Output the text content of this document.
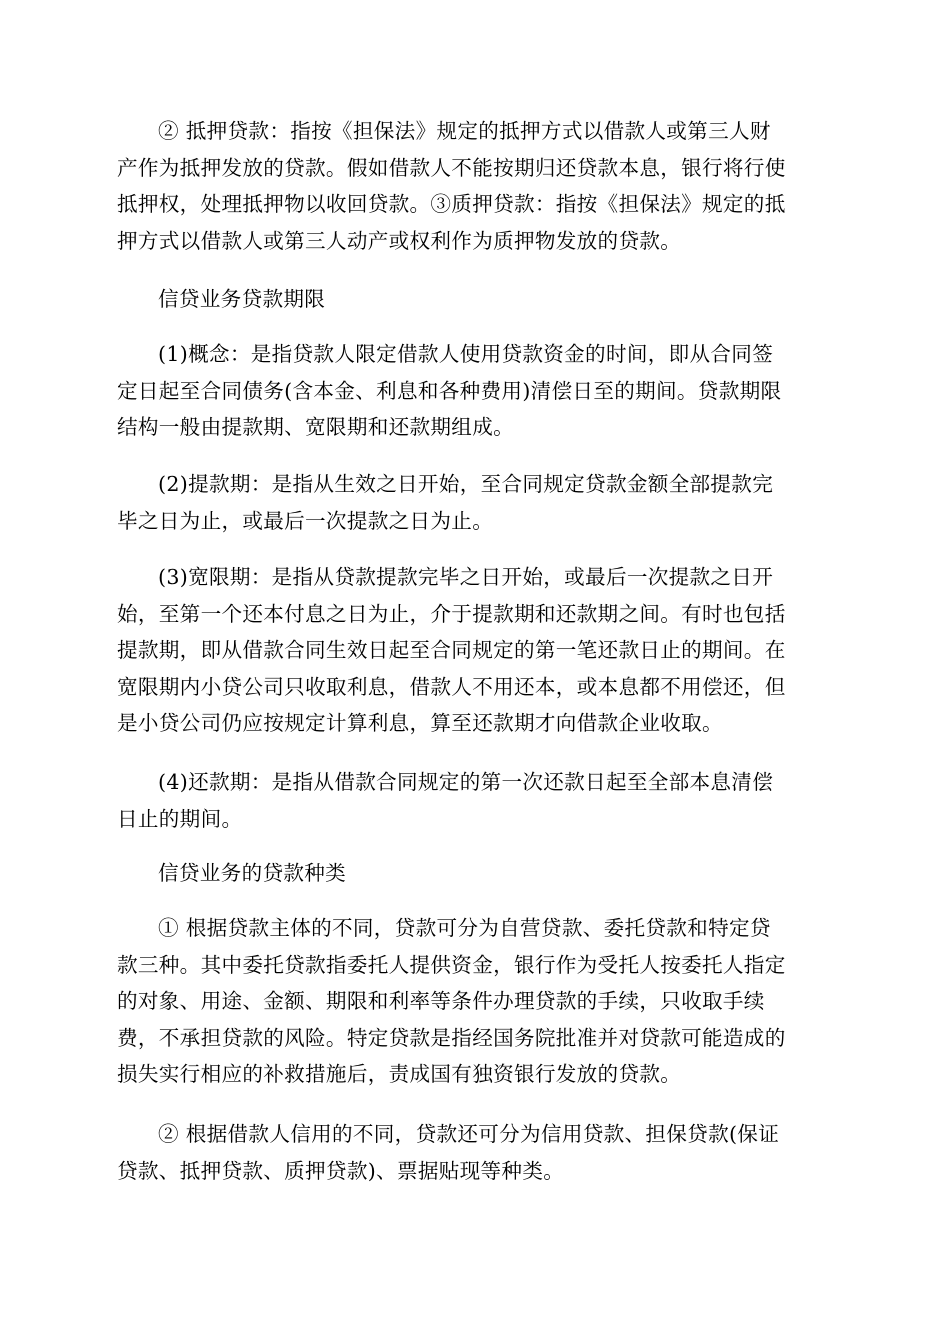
② 抵押贷款：指按《担保法》规定的抵押方式以借款人或第三人财
产作为抵押发放的贷款。假如借款人不能按期归还贷款本息，银行将行使
抵押权，处理抵押物以收回贷款。③质押贷款：指按《担保法》规定的抵
押方式以借款人或第三人动产或权利作为质押物发放的贷款。
信贷业务贷款期限
(1)概念：是指贷款人限定借款人使用贷款资金的时间，即从合同签
定日起至合同债务(含本金、利息和各种费用)清偿日至的期间。贷款期限
结构一般由提款期、宽限期和还款期组成。
(2)提款期：是指从生效之日开始，至合同规定贷款金额全部提款完
毕之日为止，或最后一次提款之日为止。
(3)宽限期：是指从贷款提款完毕之日开始，或最后一次提款之日开
始，至第一个还本付息之日为止，介于提款期和还款期之间。有时也包括
提款期，即从借款合同生效日起至合同规定的第一笔还款日止的期间。在
宽限期内小贷公司只收取利息，借款人不用还本，或本息都不用偿还，但
是小贷公司仍应按规定计算利息，算至还款期才向借款企业收取。
(4)还款期：是指从借款合同规定的第一次还款日起至全部本息清偿
日止的期间。
信贷业务的贷款种类
① 根据贷款主体的不同，贷款可分为自营贷款、委托贷款和特定贷
款三种。其中委托贷款指委托人提供资金，银行作为受托人按委托人指定
的对象、用途、金额、期限和利率等条件办理贷款的手续，只收取手续
费，不承担贷款的风险。特定贷款是指经国务院批准并对贷款可能造成的
损失实行相应的补救措施后，责成国有独资银行发放的贷款。
② 根据借款人信用的不同，贷款还可分为信用贷款、担保贷款(保证
贷款、抵押贷款、质押贷款)、票据贴现等种类。
